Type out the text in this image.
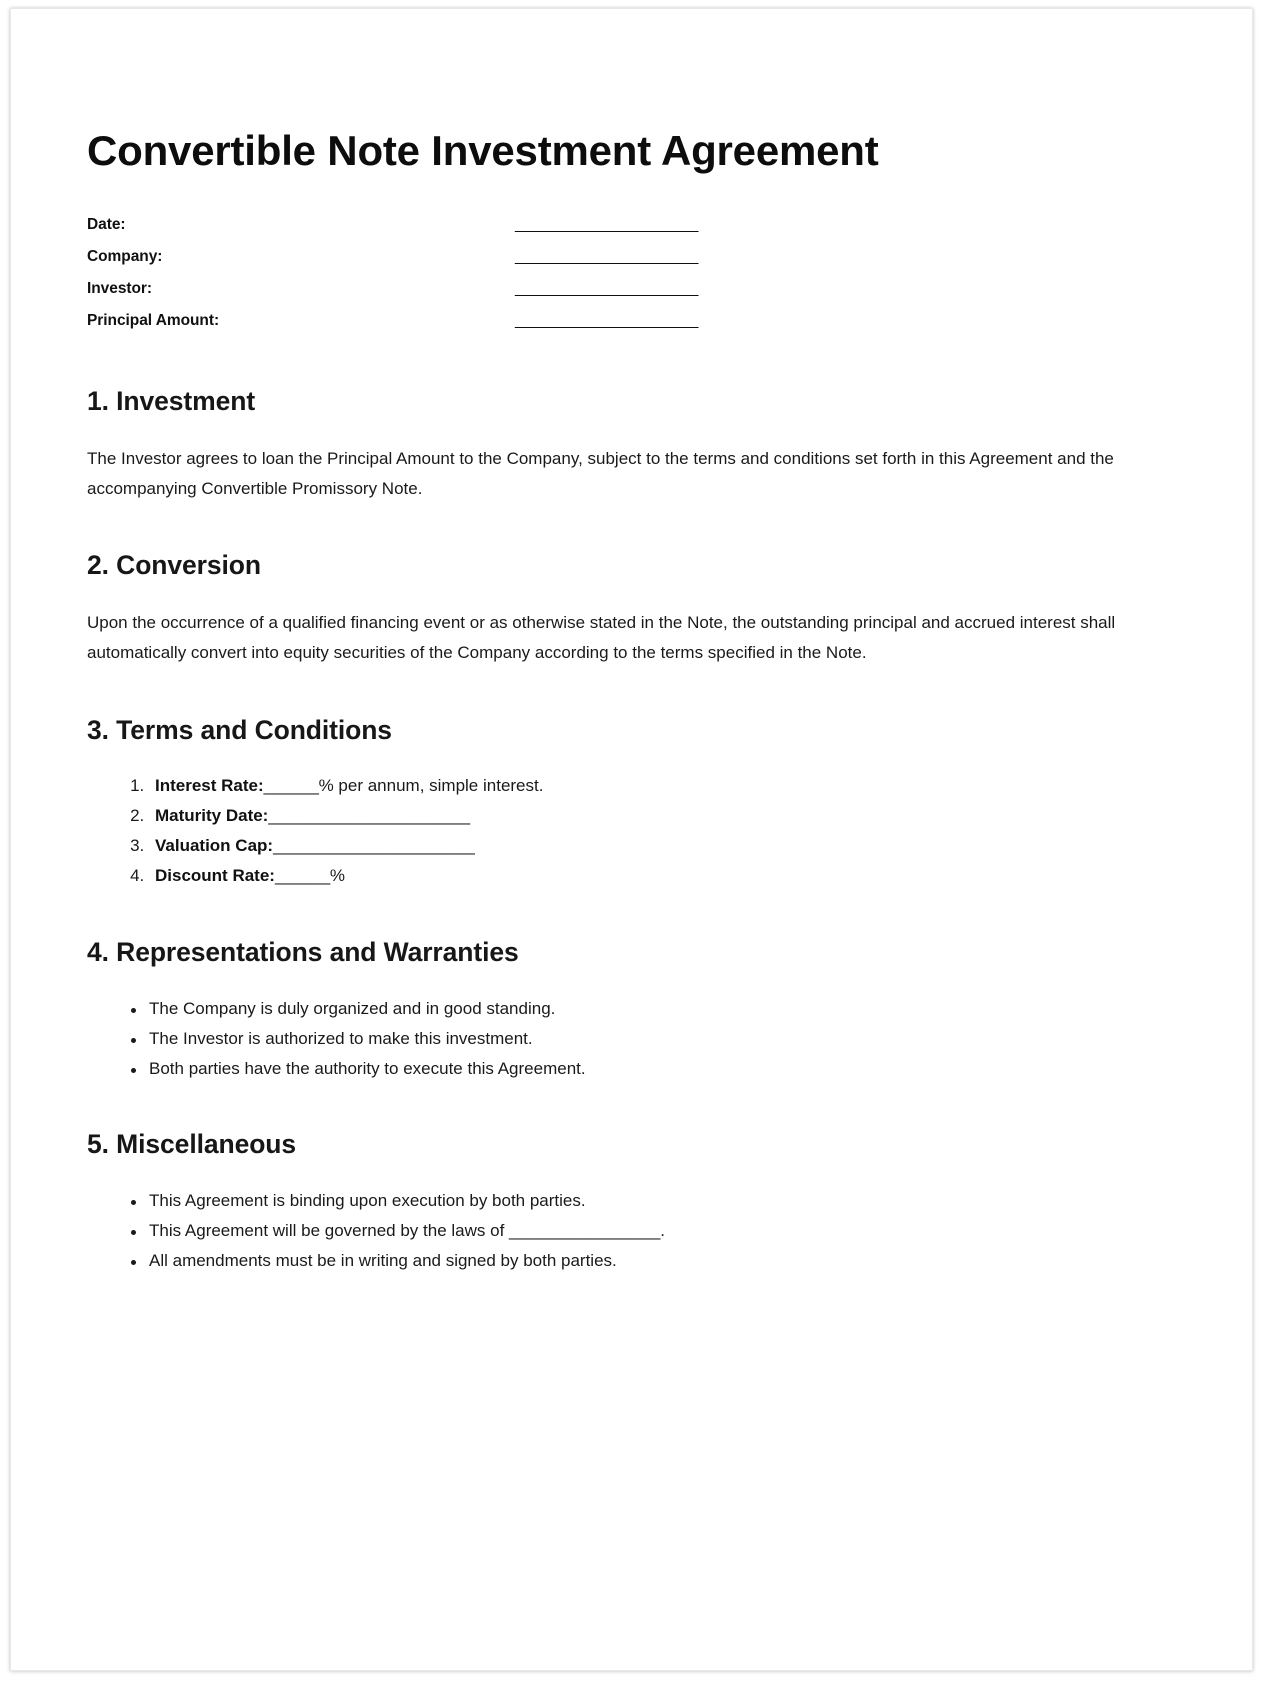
Convertible Note Investment Agreement
Date:	______________________
Company:	______________________
Investor:	______________________
Principal Amount:	______________________
1. Investment

The Investor agrees to loan the Principal Amount to the Company, subject to the terms and conditions set forth in this Agreement and the accompanying Convertible Promissory Note.

2. Conversion

Upon the occurrence of a qualified financing event or as otherwise stated in the Note, the outstanding principal and accrued interest shall automatically convert into equity securities of the Company according to the terms specified in the Note.

3. Terms and Conditions
1. Interest Rate:______% per annum, simple interest.
2. Maturity Date:______________________
3. Valuation Cap:______________________
4. Discount Rate:______%
4. Representations and Warranties
The Company is duly organized and in good standing.
The Investor is authorized to make this investment.
Both parties have the authority to execute this Agreement.
5. Miscellaneous
This Agreement is binding upon execution by both parties.
This Agreement will be governed by the laws of ________________.
All amendments must be in writing and signed by both parties.
